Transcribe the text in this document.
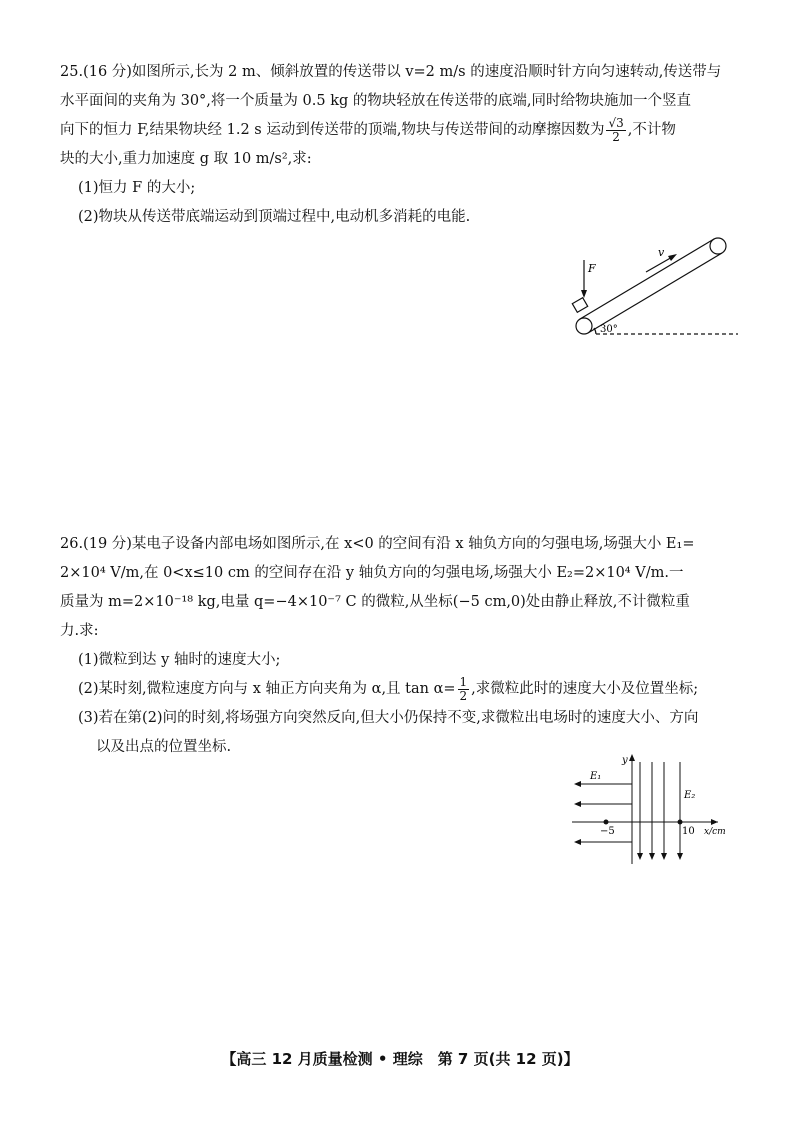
25.(16 分)如图所示,长为 2 m、倾斜放置的传送带以 v=2 m/s 的速度沿顺时针方向匀速转动,传送带与

水平面间的夹角为 30°,将一个质量为 0.5 kg 的物块轻放在传送带的底端,同时给物块施加一个竖直

向下的恒力 F,结果物块经 1.2 s 运动到传送带的顶端,物块与传送带间的动摩擦因数为 $\frac{√3}{2}$ ,不计物

块的大小,重力加速度 g 取 10 m/s²,求:

(1)恒力 F 的大小;

(2)物块从传送带底端运动到顶端过程中,电动机多消耗的电能.

F
v
30°

26.(19 分)某电子设备内部电场如图所示,在 x<0 的空间有沿 x 轴负方向的匀强电场,场强大小 E₁=

2×10⁴ V/m,在 0<x≤10 cm 的空间存在沿 y 轴负方向的匀强电场,场强大小 E₂=2×10⁴ V/m.一

质量为 m=2×10⁻¹⁸ kg,电量 q=−4×10⁻⁷ C 的微粒,从坐标(−5 cm,0)处由静止释放,不计微粒重

力.求:

(1)微粒到达 y 轴时的速度大小;

(2)某时刻,微粒速度方向与 x 轴正方向夹角为 α,且 $\tan \alpha= \frac{1}{2}$ ,求微粒此时的速度大小及位置坐标;

(3)若在第(2)问的时刻,将场强方向突然反向,但大小仍保持不变,求微粒出电场时的速度大小、方向

以及出点的位置坐标.

y
E₁
E₂
−5	10 x/cm
【高三 12 月质量检测 • 理综　第 7 页(共 12 页)】
